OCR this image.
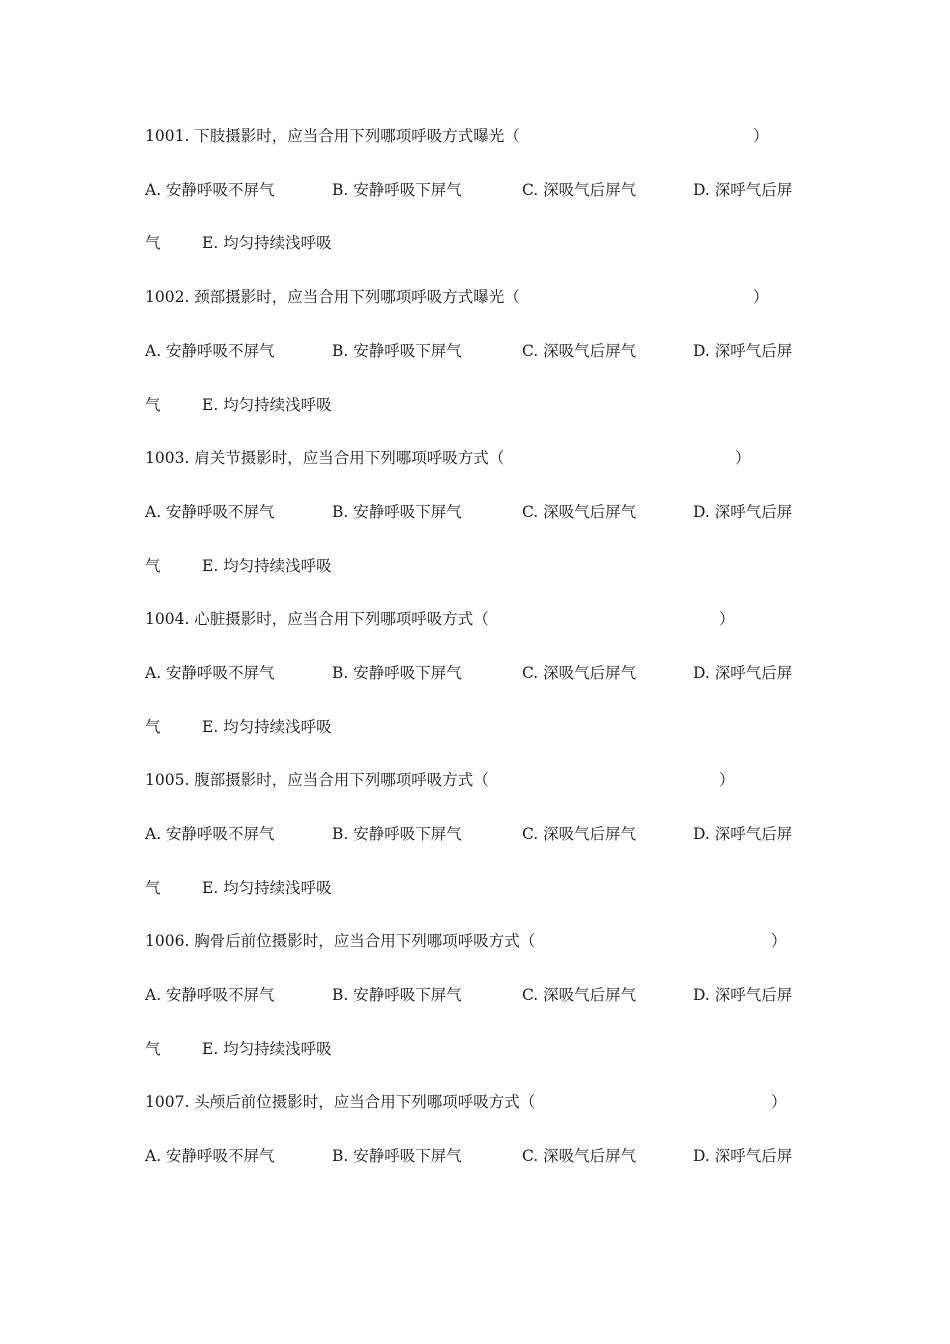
1001. 下肢摄影时，应当合用下列哪项呼吸方式曝光（	）
A. 安静呼吸不屏气	B. 安静呼吸下屏气	C. 深吸气后屏气	D. 深呼气后屏
气	E. 均匀持续浅呼吸
1002. 颈部摄影时，应当合用下列哪项呼吸方式曝光（	）
A. 安静呼吸不屏气	B. 安静呼吸下屏气	C. 深吸气后屏气	D. 深呼气后屏
气	E. 均匀持续浅呼吸
1003. 肩关节摄影时，应当合用下列哪项呼吸方式（	）
A. 安静呼吸不屏气	B. 安静呼吸下屏气	C. 深吸气后屏气	D. 深呼气后屏
气	E. 均匀持续浅呼吸
1004. 心脏摄影时，应当合用下列哪项呼吸方式（	）
A. 安静呼吸不屏气	B. 安静呼吸下屏气	C. 深吸气后屏气	D. 深呼气后屏
气	E. 均匀持续浅呼吸
1005. 腹部摄影时，应当合用下列哪项呼吸方式（	）
A. 安静呼吸不屏气	B. 安静呼吸下屏气	C. 深吸气后屏气	D. 深呼气后屏
气	E. 均匀持续浅呼吸
1006. 胸骨后前位摄影时，应当合用下列哪项呼吸方式（	）
A. 安静呼吸不屏气	B. 安静呼吸下屏气	C. 深吸气后屏气	D. 深呼气后屏
气	E. 均匀持续浅呼吸
1007. 头颅后前位摄影时，应当合用下列哪项呼吸方式（	）
A. 安静呼吸不屏气	B. 安静呼吸下屏气	C. 深吸气后屏气	D. 深呼气后屏
